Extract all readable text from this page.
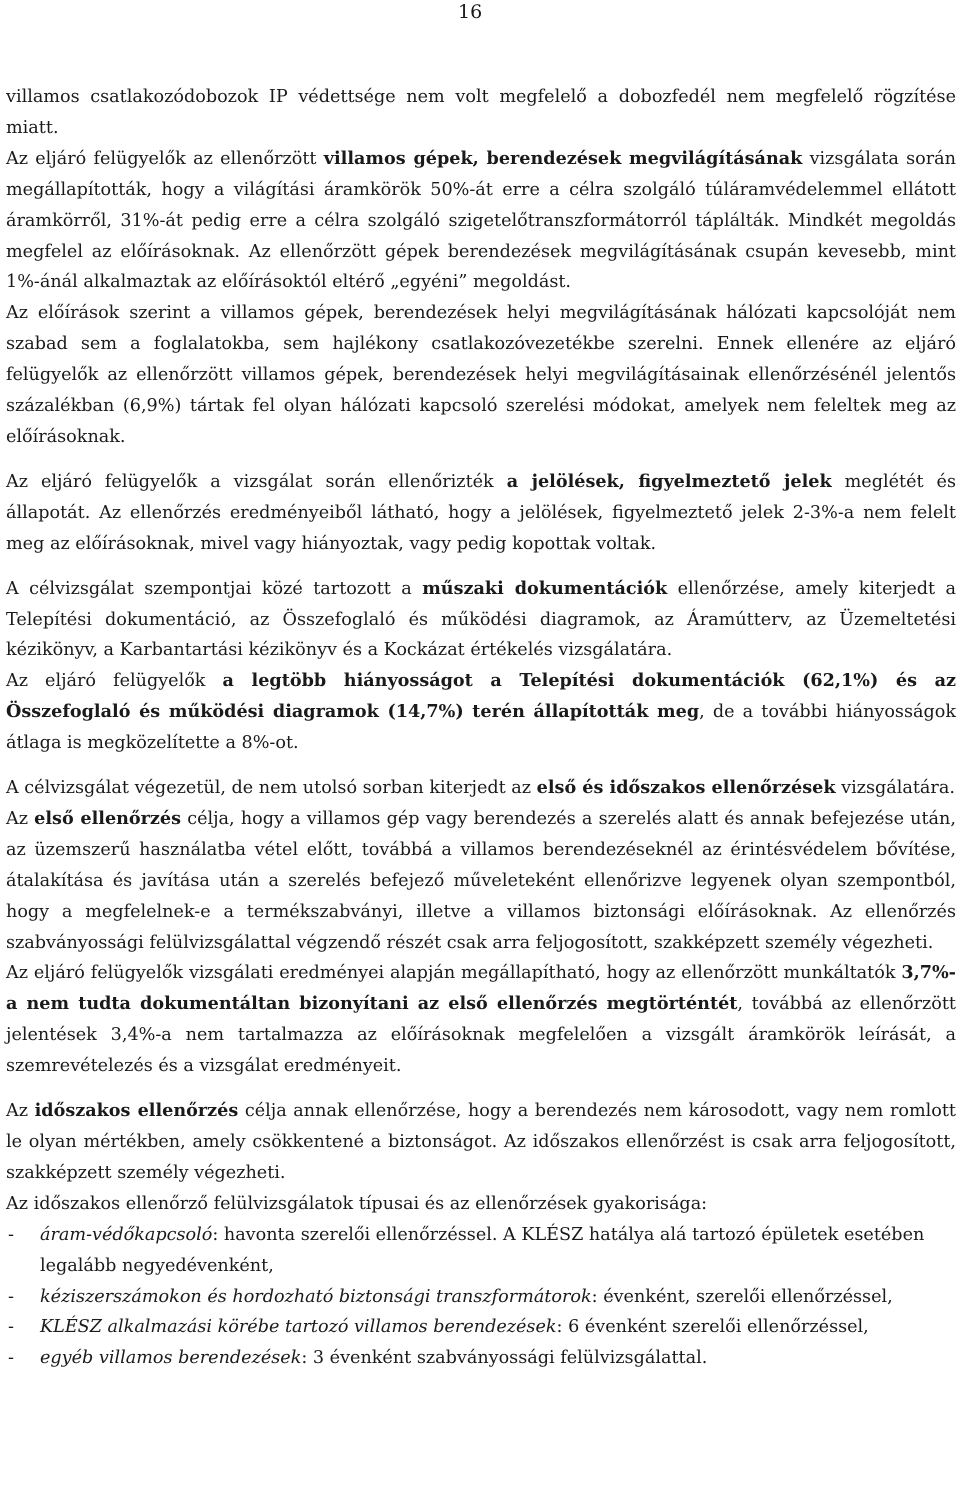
16

villamos csatlakozódobozok IP védettsége nem volt megfelelő a dobozfedél nem megfelelő rögzítése miatt.

Az eljáró felügyelők az ellenőrzött villamos gépek, berendezések megvilágításának vizsgálata során megállapították, hogy a világítási áramkörök 50%-át erre a célra szolgáló túláramvédelemmel ellátott áramkörről, 31%-át pedig erre a célra szolgáló szigetelőtranszformátorról táplálták. Mindkét megoldás megfelel az előírásoknak. Az ellenőrzött gépek berendezések megvilágításának csupán kevesebb, mint 1%-ánál alkalmaztak az előírásoktól eltérő „egyéni” megoldást.

Az előírások szerint a villamos gépek, berendezések helyi megvilágításának hálózati kapcsolóját nem szabad sem a foglalatokba, sem hajlékony csatlakozóvezetékbe szerelni. Ennek ellenére az eljáró felügyelők az ellenőrzött villamos gépek, berendezések helyi megvilágításainak ellenőrzésénél jelentős százalékban (6,9%) tártak fel olyan hálózati kapcsoló szerelési módokat, amelyek nem feleltek meg az előírásoknak.

Az eljáró felügyelők a vizsgálat során ellenőrizték a jelölések, figyelmeztető jelek meglétét és állapotát. Az ellenőrzés eredményeiből látható, hogy a jelölések, figyelmeztető jelek 2-3%-a nem felelt meg az előírásoknak, mivel vagy hiányoztak, vagy pedig kopottak voltak.

A célvizsgálat szempontjai közé tartozott a műszaki dokumentációk ellenőrzése, amely kiterjedt a Telepítési dokumentáció, az Összefoglaló és működési diagramok, az Áramútterv, az Üzemeltetési kézikönyv, a Karbantartási kézikönyv és a Kockázat értékelés vizsgálatára.

Az eljáró felügyelők a legtöbb hiányosságot a Telepítési dokumentációk (62,1%) és az Összefoglaló és működési diagramok (14,7%) terén állapították meg, de a további hiányosságok átlaga is megközelítette a 8%-ot.

A célvizsgálat végezetül, de nem utolsó sorban kiterjedt az első és időszakos ellenőrzések vizsgálatára.

Az első ellenőrzés célja, hogy a villamos gép vagy berendezés a szerelés alatt és annak befejezése után, az üzemszerű használatba vétel előtt, továbbá a villamos berendezéseknél az érintésvédelem bővítése, átalakítása és javítása után a szerelés befejező műveleteként ellenőrizve legyenek olyan szempontból, hogy a megfelelnek-e a termékszabványi, illetve a villamos biztonsági előírásoknak. Az ellenőrzés szabványossági felülvizsgálattal végzendő részét csak arra feljogosított, szakképzett személy végezheti.

Az eljáró felügyelők vizsgálati eredményei alapján megállapítható, hogy az ellenőrzött munkáltatók 3,7%-a nem tudta dokumentáltan bizonyítani az első ellenőrzés megtörténtét, továbbá az ellenőrzött jelentések 3,4%-a nem tartalmazza az előírásoknak megfelelően a vizsgált áramkörök leírását, a szemrevételezés és a vizsgálat eredményeit.

Az időszakos ellenőrzés célja annak ellenőrzése, hogy a berendezés nem károsodott, vagy nem romlott le olyan mértékben, amely csökkentené a biztonságot. Az időszakos ellenőrzést is csak arra feljogosított, szakképzett személy végezheti.

Az időszakos ellenőrző felülvizsgálatok típusai és az ellenőrzések gyakorisága:

- áram-védőkapcsoló: havonta szerelői ellenőrzéssel. A KLÉSZ hatálya alá tartozó épületek esetében legalább negyedévenként,
- kéziszerszámokon és hordozható biztonsági transzformátorok: évenként, szerelői ellenőrzéssel,
- KLÉSZ alkalmazási körébe tartozó villamos berendezések: 6 évenként szerelői ellenőrzéssel,
- egyéb villamos berendezések: 3 évenként szabványossági felülvizsgálattal.
